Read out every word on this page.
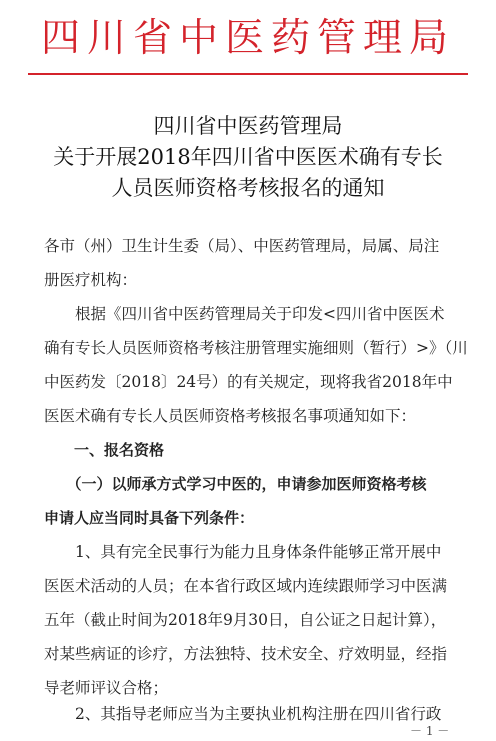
四川省中医药管理局
四川省中医药管理局
关于开展2018年四川省中医医术确有专长
人员医师资格考核报名的通知
各市（州）卫生计生委（局）、中医药管理局，局属、局注
册医疗机构：
　　根据《四川省中医药管理局关于印发<四川省中医医术
确有专长人员医师资格考核注册管理实施细则（暂行）>》（川
中医药发〔2018〕24号）的有关规定，现将我省2018年中
医医术确有专长人员医师资格考核报名事项通知如下：
　　一、报名资格
　　（一）以师承方式学习中医的，申请参加医师资格考核
申请人应当同时具备下列条件：
　　1、具有完全民事行为能力且身体条件能够正常开展中
医医术活动的人员；在本省行政区域内连续跟师学习中医满
五年（截止时间为2018年9月30日，自公证之日起计算），
对某些病证的诊疗，方法独特、技术安全、疗效明显，经指
导老师评议合格；
　　2、其指导老师应当为主要执业机构注册在四川省行政
－ 1 －
